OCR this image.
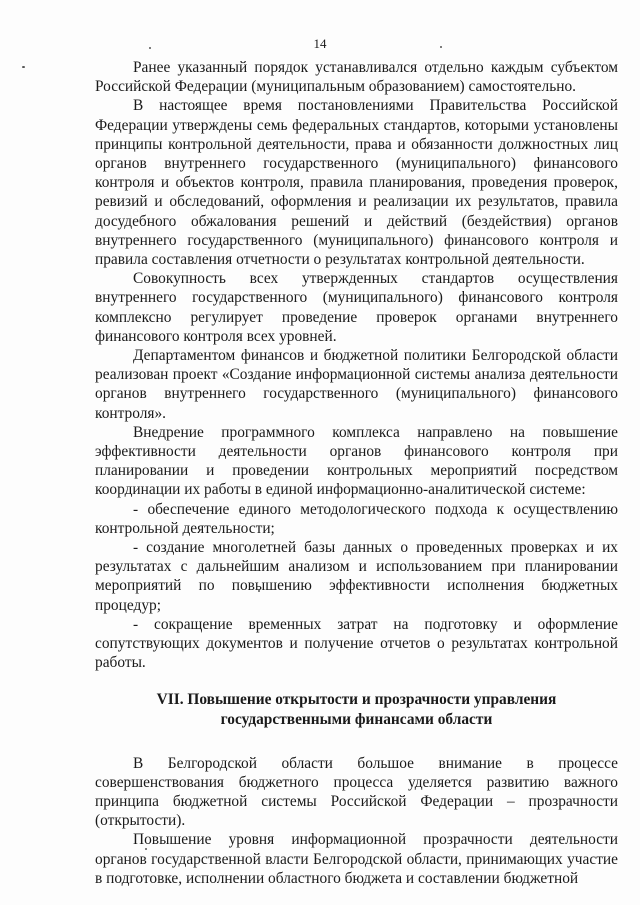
14

Ранее указанный порядок устанавливался отдельно каждым субъектом Российской Федерации (муниципальным образованием) самостоятельно.

В настоящее время постановлениями Правительства Российской Федерации утверждены семь федеральных стандартов, которыми установлены принципы контрольной деятельности, права и обязанности должностных лиц органов внутреннего государственного (муниципального) финансового контроля и объектов контроля, правила планирования, проведения проверок, ревизий и обследований, оформления и реализации их результатов, правила досудебного обжалования решений и действий (бездействия) органов внутреннего государственного (муниципального) финансового контроля и правила составления отчетности о результатах контрольной деятельности.

Совокупность всех утвержденных стандартов осуществления внутреннего государственного (муниципального) финансового контроля комплексно регулирует проведение проверок органами внутреннего финансового контроля всех уровней.

Департаментом финансов и бюджетной политики Белгородской области реализован проект «Создание информационной системы анализа деятельности органов внутреннего государственного (муниципального) финансового контроля».

Внедрение программного комплекса направлено на повышение эффективности деятельности органов финансового контроля при планировании и проведении контрольных мероприятий посредством координации их работы в единой информационно-аналитической системе:

- обеспечение единого методологического подхода к осуществлению контрольной деятельности;

- создание многолетней базы данных о проведенных проверках и их результатах с дальнейшим анализом и использованием при планировании мероприятий по повышению эффективности исполнения бюджетных процедур;

- сокращение временных затрат на подготовку и оформление сопутствующих документов и получение отчетов о результатах контрольной работы.

VII. Повышение открытости и прозрачности управления
государственными финансами области

В Белгородской области большое внимание в процессе совершенствования бюджетного процесса уделяется развитию важного принципа бюджетной системы Российской Федерации – прозрачности (открытости).

Повышение уровня информационной прозрачности деятельности органов государственной власти Белгородской области, принимающих участие в подготовке, исполнении областного бюджета и составлении бюджетной
